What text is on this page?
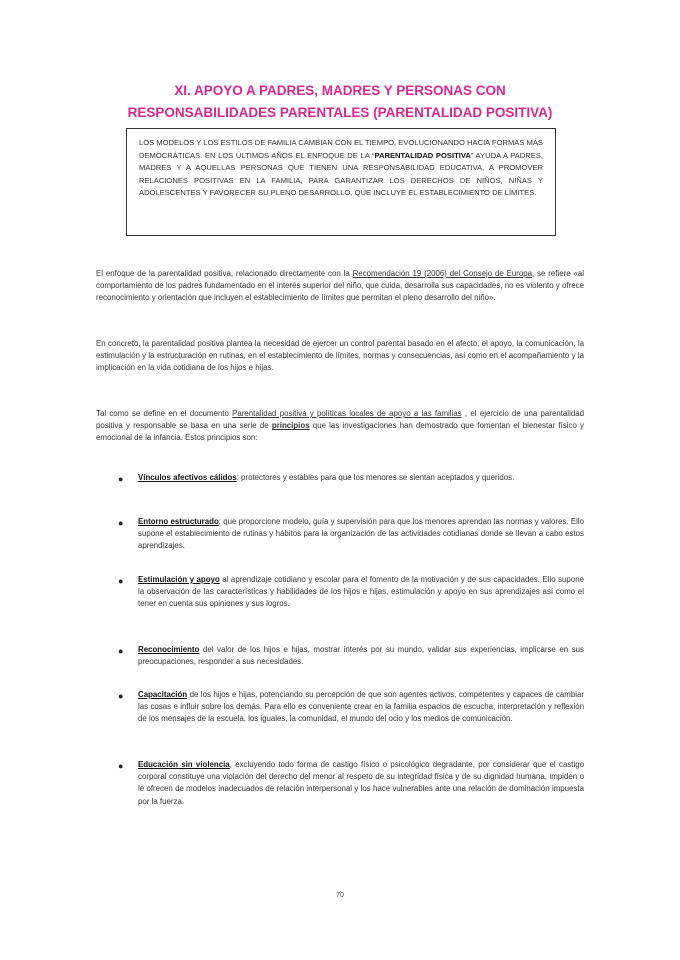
XI. APOYO A PADRES, MADRES Y PERSONAS CON
RESPONSABILIDADES PARENTALES (PARENTALIDAD POSITIVA)
LOS MODELOS Y LOS ESTILOS DE FAMILIA CAMBIAN CON EL TIEMPO, EVOLUCIONANDO HACIA FORMAS MÁS DEMOCRÁTICAS. EN LOS ÚLTIMOS AÑOS EL ENFOQUE DE LA “PARENTALIDAD POSITIVA” AYUDA A PADRES, MADRES Y A AQUELLAS PERSONAS QUE TIENEN UNA RESPONSABILIDAD EDUCATIVA, A PROMOVER RELACIONES POSITIVAS EN LA FAMILIA, PARA GARANTIZAR LOS DERECHOS DE NIÑOS, NIÑAS Y ADOLESCENTES Y FAVORECER SU PLENO DESARROLLO, QUE INCLUYE EL ESTABLECIMIENTO DE LÍMITES.

El enfoque de la parentalidad positiva, relacionado directamente con la Recomendación 19 (2006) del Consejo de Europa, se refiere «al comportamiento de los padres fundamentado en el interés superior del niño, que cuida, desarrolla sus capacidades, no es violento y ofrece reconocimiento y orientación que incluyen el establecimiento de límites que permitan el pleno desarrollo del niño».

En concreto, la parentalidad positiva plantea la necesidad de ejercer un control parental basado en el afecto, el apoyo, la comunicación, la estimulación y la estructuración en rutinas, en el establecimiento de límites, normas y consecuencias, así como en el acompañamiento y la implicación en la vida cotidiana de los hijos e hijas.

Tal como se define en el documento Parentalidad positiva y políticas locales de apoyo a las familias , el ejercicio de una parentalidad positiva y responsable se basa en una serie de principios que las investigaciones han demostrado que fomentan el bienestar físico y emocional de la infancia. Estos principios son:

● Vínculos afectivos cálidos: protectores y estables para que los menores se sientan aceptados y queridos.
● Entorno estructurado: que proporcione modelo, guía y supervisión para que los menores aprendan las normas y valores. Ello supone el establecimiento de rutinas y hábitos para la organización de las actividades cotidianas donde se llevan a cabo estos aprendizajes.
● Estimulación y apoyo al aprendizaje cotidiano y escolar para el fomento de la motivación y de sus capacidades. Ello supone la observación de las características y habilidades de los hijos e hijas, estimulación y apoyo en sus aprendizajes así como el tener en cuenta sus opiniones y sus logros.
● Reconocimiento del valor de los hijos e hijas, mostrar interés por su mundo, validar sus experiencias, implicarse en sus preocupaciones, responder a sus necesidades.
● Capacitación de los hijos e hijas, potenciando su percepción de que son agentes activos, competentes y capaces de cambiar las cosas e influir sobre los demás. Para ello es conveniente crear en la familia espacios de escucha, interpretación y reflexión de los mensajes de la escuela, los iguales, la comunidad, el mundo del ocio y los medios de comunicación.
● Educación sin violencia, excluyendo todo forma de castigo físico o psicológico degradante, por considerar que el castigo corporal constituye una violación del derecho del menor al respeto de su integridad física y de su dignidad humana, impiden o le ofrecen de modelos inadecuados de relación interpersonal y los hace vulnerables ante una relación de dominación impuesta por la fuerza.
70
